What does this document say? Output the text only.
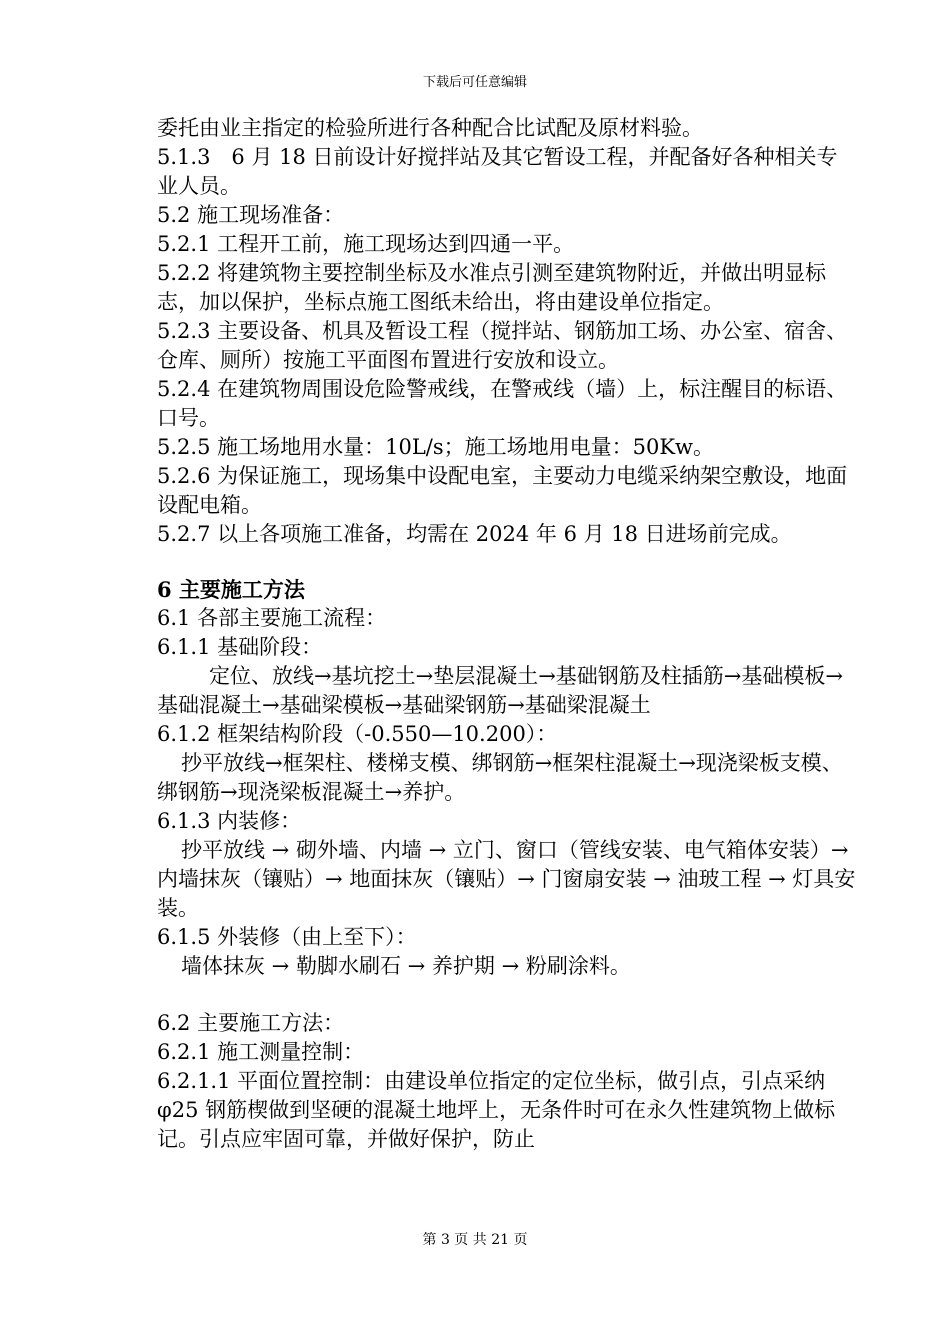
下载后可任意编辑

委托由业主指定的检验所进行各种配合比试配及原材料验。

5.1.3　6 月 18 日前设计好搅拌站及其它暂设工程，并配备好各种相关专业人员。

5.2 施工现场准备：

5.2.1 工程开工前，施工现场达到四通一平。

5.2.2 将建筑物主要控制坐标及水准点引测至建筑物附近，并做出明显标志，加以保护，坐标点施工图纸未给出，将由建设单位指定。

5.2.3 主要设备、机具及暂设工程（搅拌站、钢筋加工场、办公室、宿舍、仓库、厕所）按施工平面图布置进行安放和设立。

5.2.4 在建筑物周围设危险警戒线，在警戒线（墙）上，标注醒目的标语、口号。

5.2.5 施工场地用水量：10L/s；施工场地用电量：50Kw。

5.2.6 为保证施工，现场集中设配电室，主要动力电缆采纳架空敷设，地面设配电箱。

5.2.7 以上各项施工准备，均需在 2024 年 6 月 18 日进场前完成。

6 主要施工方法

6.1 各部主要施工流程：

6.1.1 基础阶段：

定位、放线→基坑挖土→垫层混凝土→基础钢筋及柱插筋→基础模板→基础混凝土→基础梁模板→基础梁钢筋→基础梁混凝土

6.1.2 框架结构阶段（-0.550—10.200）：

抄平放线→框架柱、楼梯支模、绑钢筋→框架柱混凝土→现浇梁板支模、绑钢筋→现浇梁板混凝土→养护。

6.1.3 内装修：

抄平放线 → 砌外墙、内墙 → 立门、窗口（管线安装、电气箱体安装）→内墙抹灰（镶贴）→ 地面抹灰（镶贴）→ 门窗扇安装 → 油玻工程 → 灯具安装。

6.1.5 外装修（由上至下）：

墙体抹灰 → 勒脚水刷石 → 养护期 → 粉刷涂料。

6.2 主要施工方法：

6.2.1 施工测量控制：

6.2.1.1 平面位置控制：由建设单位指定的定位坐标，做引点，引点采纳 φ25 钢筋楔做到坚硬的混凝土地坪上，无条件时可在永久性建筑物上做标记。引点应牢固可靠，并做好保护，防止

第 3 页 共 21 页
